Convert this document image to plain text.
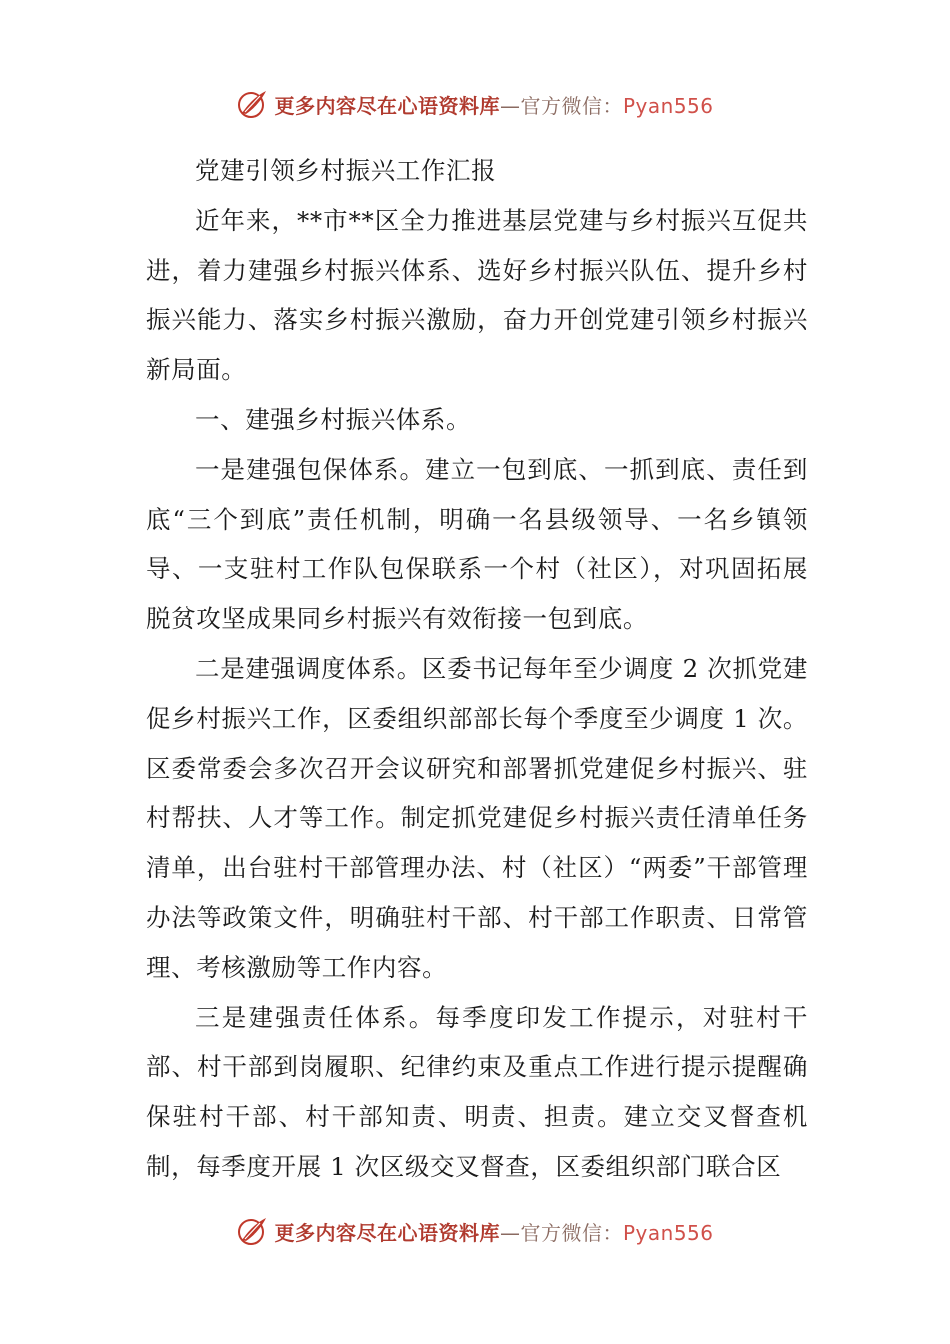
更多内容尽在心语资料库—官方微信：Pyan556

党建引领乡村振兴工作汇报

近年来，**市**区全力推进基层党建与乡村振兴互促共进，着力建强乡村振兴体系、选好乡村振兴队伍、提升乡村振兴能力、落实乡村振兴激励，奋力开创党建引领乡村振兴新局面。

一、建强乡村振兴体系。

一是建强包保体系。建立一包到底、一抓到底、责任到底“三个到底”责任机制，明确一名县级领导、一名乡镇领导、一支驻村工作队包保联系一个村（社区），对巩固拓展脱贫攻坚成果同乡村振兴有效衔接一包到底。

二是建强调度体系。区委书记每年至少调度 2 次抓党建促乡村振兴工作，区委组织部部长每个季度至少调度 1 次。区委常委会多次召开会议研究和部署抓党建促乡村振兴、驻村帮扶、人才等工作。制定抓党建促乡村振兴责任清单任务清单，出台驻村干部管理办法、村（社区）“两委”干部管理办法等政策文件，明确驻村干部、村干部工作职责、日常管理、考核激励等工作内容。

三是建强责任体系。每季度印发工作提示，对驻村干部、村干部到岗履职、纪律约束及重点工作进行提示提醒确保驻村干部、村干部知责、明责、担责。建立交叉督查机制，每季度开展 1 次区级交叉督查，区委组织部门联合区

更多内容尽在心语资料库—官方微信：Pyan556
